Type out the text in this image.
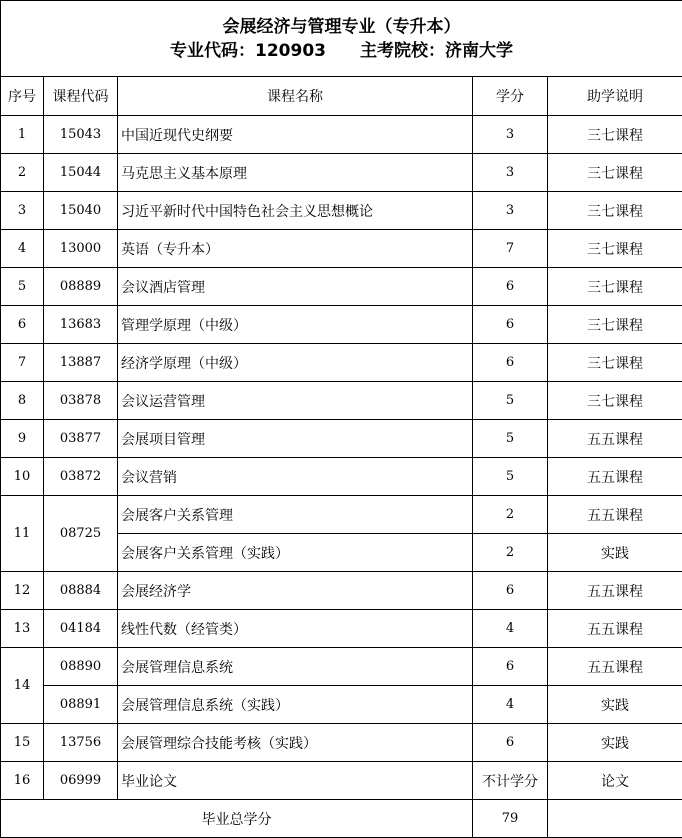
会展经济与管理专业（专升本）
专业代码：120903　　主考院校：济南大学				

序号	课程代码	课程名称	学分	助学说明
1	15043	中国近现代史纲要	3	三七课程
2	15044	马克思主义基本原理	3	三七课程
3	15040	习近平新时代中国特色社会主义思想概论	3	三七课程
4	13000	英语（专升本）	7	三七课程
5	08889	会议酒店管理	6	三七课程
6	13683	管理学原理（中级）	6	三七课程
7	13887	经济学原理（中级）	6	三七课程
8	03878	会议运营管理	5	三七课程
9	03877	会展项目管理	5	五五课程
10	03872	会议营销	5	五五课程
11	08725	会展客户关系管理	2	五五课程
		会展客户关系管理（实践）	2	实践
12	08884	会展经济学	6	五五课程
13	04184	线性代数（经管类）	4	五五课程
14	08890	会展管理信息系统	6	五五课程
	08891	会展管理信息系统（实践）	4	实践
15	13756	会展管理综合技能考核（实践）	6	实践
16	06999	毕业论文	不计学分	论文
毕业总学分			79	
